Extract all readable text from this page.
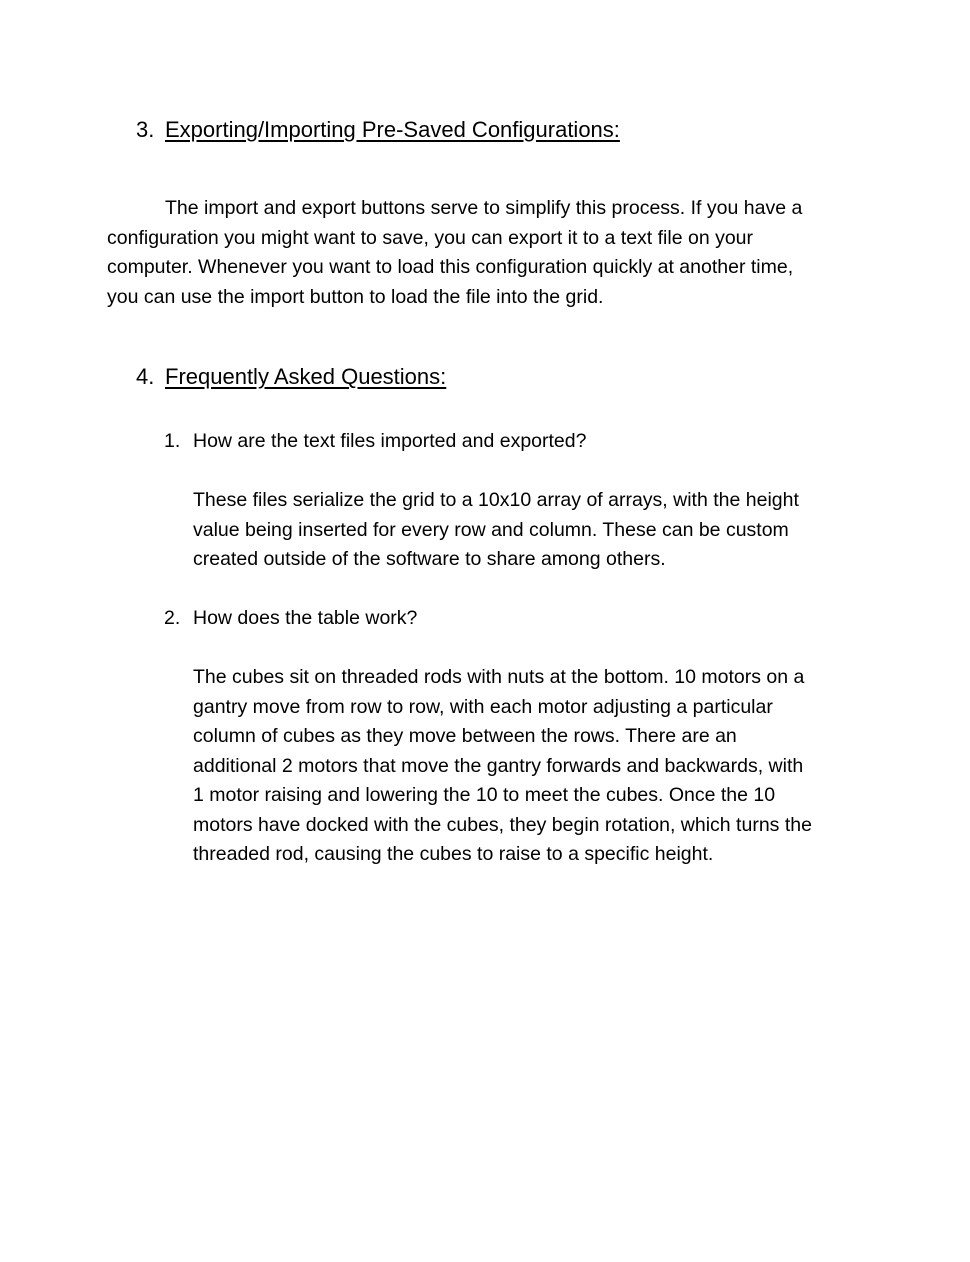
3. Exporting/Importing Pre-Saved Configurations:
The import and export buttons serve to simplify this process. If you have a
configuration you might want to save, you can export it to a text file on your
computer. Whenever you want to load this configuration quickly at another time,
you can use the import button to load the file into the grid.
4. Frequently Asked Questions:
1. How are the text files imported and exported?
These files serialize the grid to a 10x10 array of arrays, with the height
value being inserted for every row and column. These can be custom
created outside of the software to share among others.
2. How does the table work?
The cubes sit on threaded rods with nuts at the bottom. 10 motors on a
gantry move from row to row, with each motor adjusting a particular
column of cubes as they move between the rows. There are an
additional 2 motors that move the gantry forwards and backwards, with
1 motor raising and lowering the 10 to meet the cubes. Once the 10
motors have docked with the cubes, they begin rotation, which turns the
threaded rod, causing the cubes to raise to a specific height.
